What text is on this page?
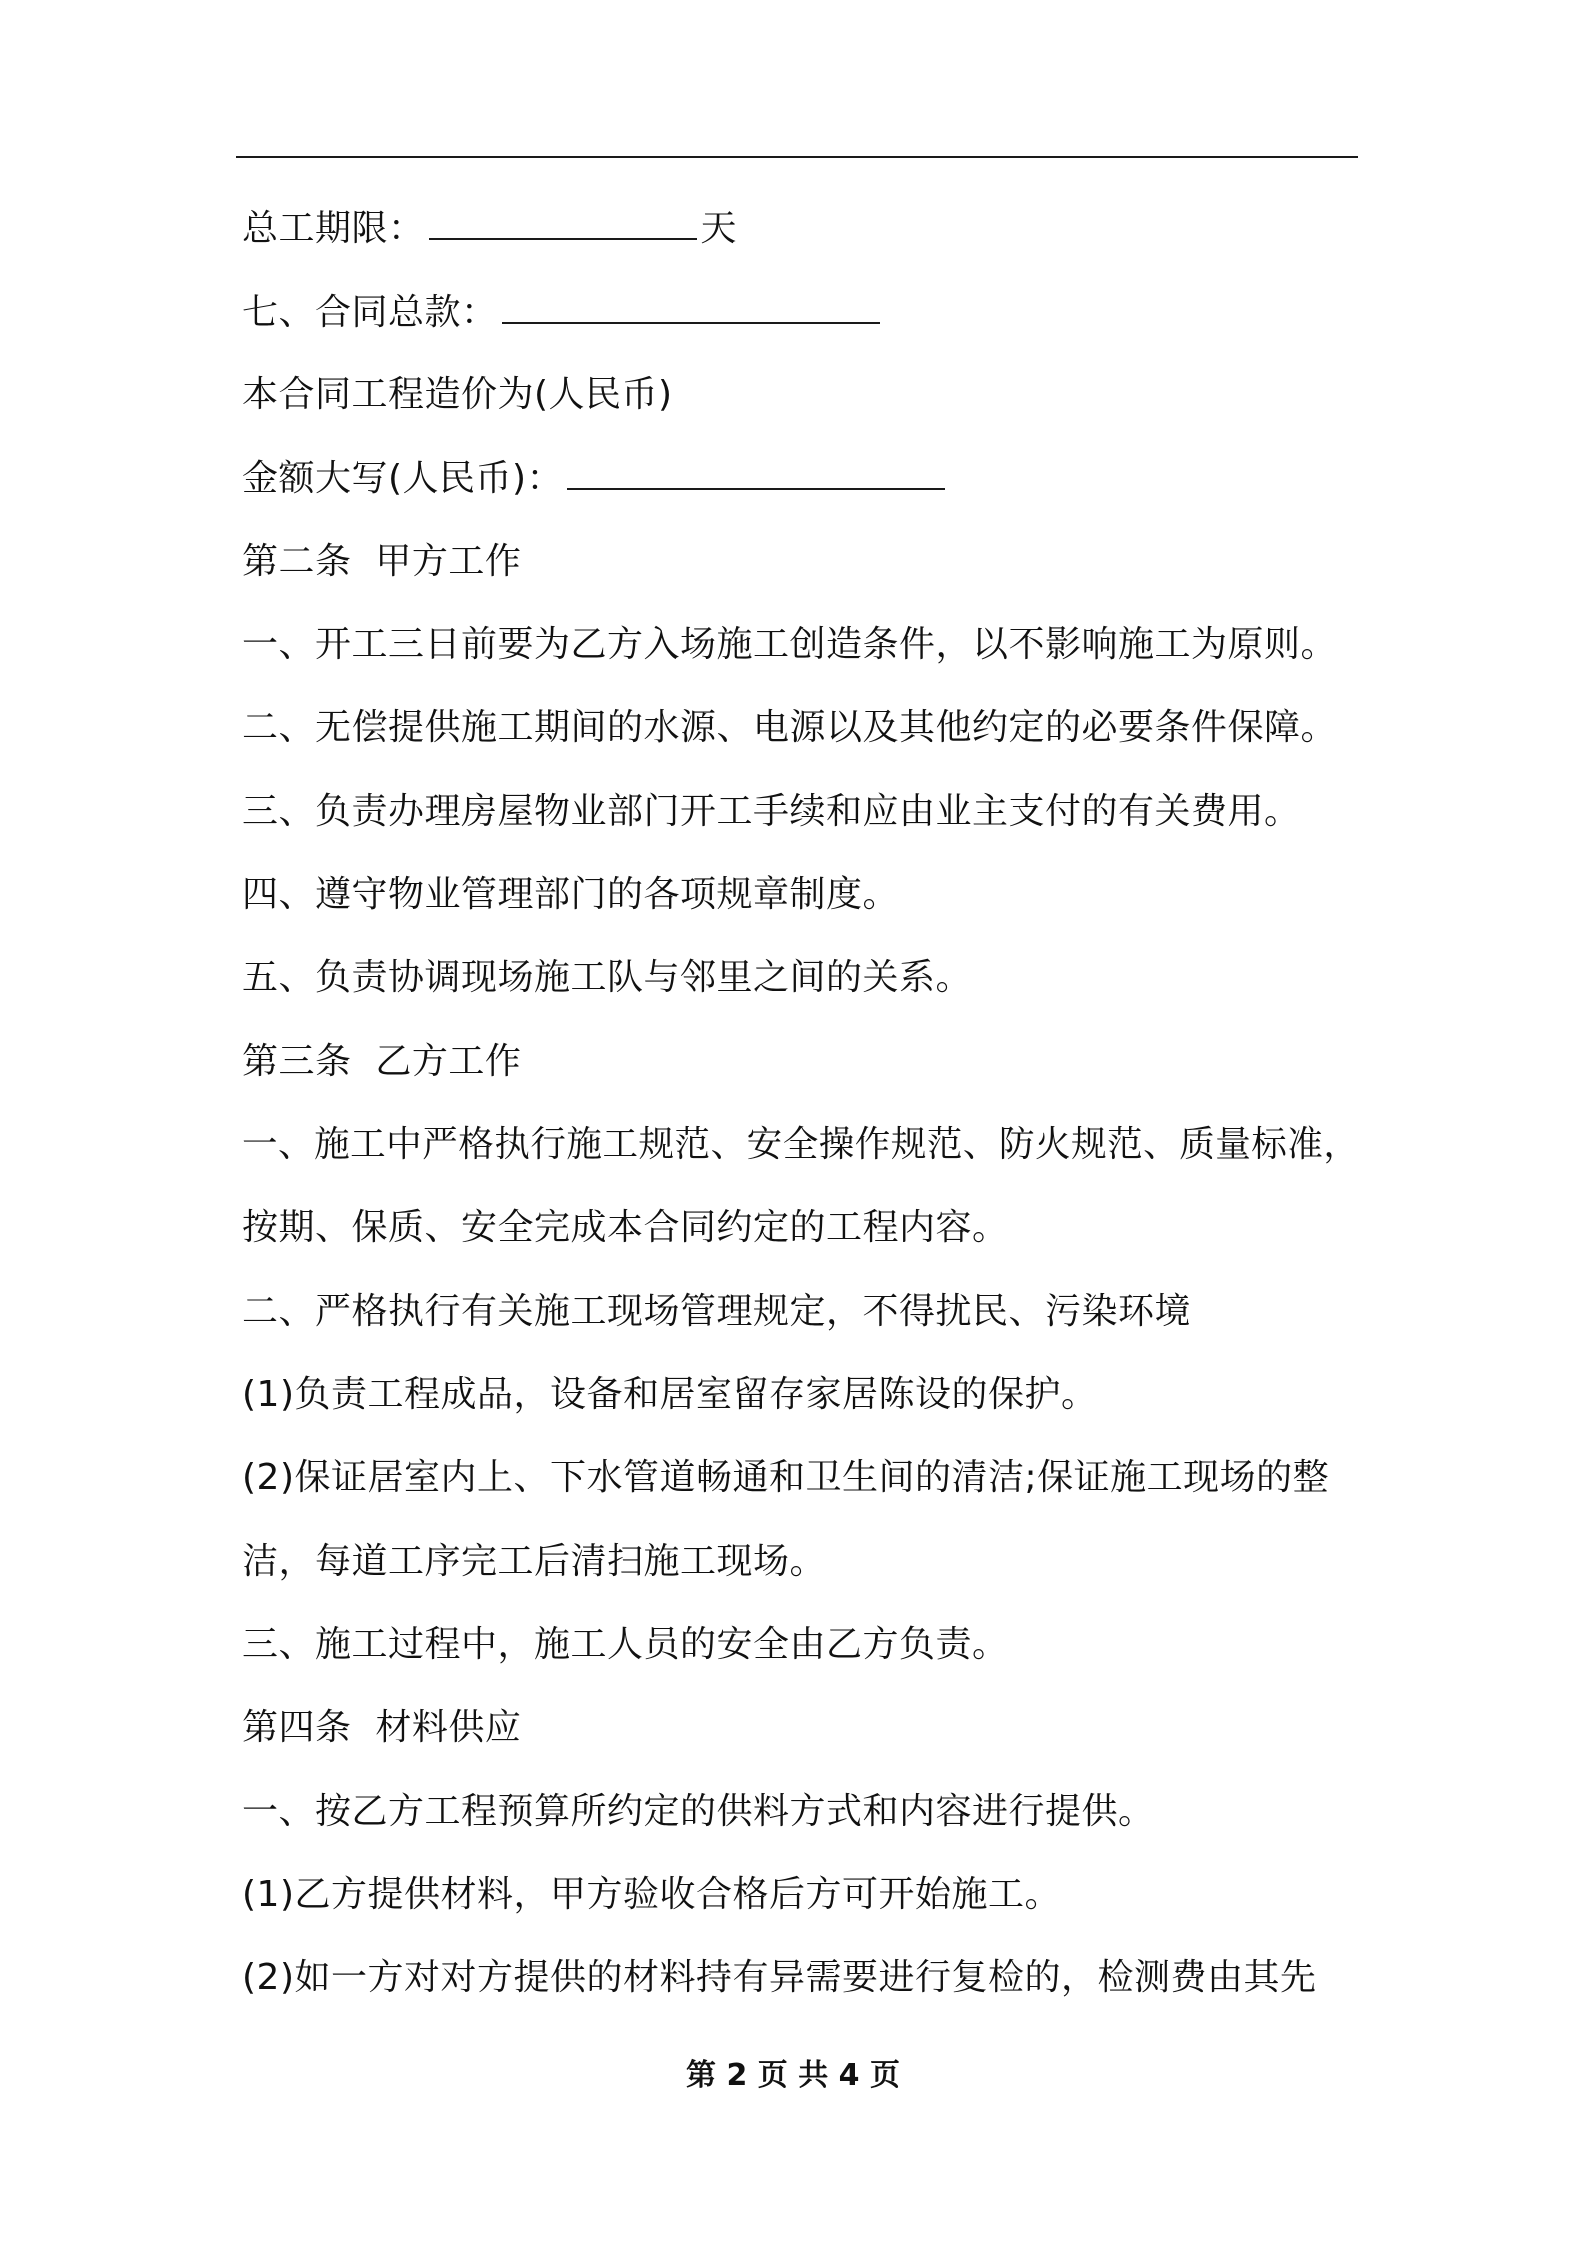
总工期限：	天
七、合同总款：
本合同工程造价为(人民币)
金额大写(人民币)：
第二条  甲方工作
一、开工三日前要为乙方入场施工创造条件，以不影响施工为原则。
二、无偿提供施工期间的水源、电源以及其他约定的必要条件保障。
三、负责办理房屋物业部门开工手续和应由业主支付的有关费用。
四、遵守物业管理部门的各项规章制度。
五、负责协调现场施工队与邻里之间的关系。
第三条  乙方工作
一、施工中严格执行施工规范、安全操作规范、防火规范、质量标准，
按期、保质、安全完成本合同约定的工程内容。
二、严格执行有关施工现场管理规定，不得扰民、污染环境
(1)负责工程成品，设备和居室留存家居陈设的保护。
(2)保证居室内上、下水管道畅通和卫生间的清洁;保证施工现场的整
洁，每道工序完工后清扫施工现场。
三、施工过程中，施工人员的安全由乙方负责。
第四条  材料供应
一、按乙方工程预算所约定的供料方式和内容进行提供。
(1)乙方提供材料，甲方验收合格后方可开始施工。
(2)如一方对对方提供的材料持有异需要进行复检的，检测费由其先
第 2 页 共 4 页
